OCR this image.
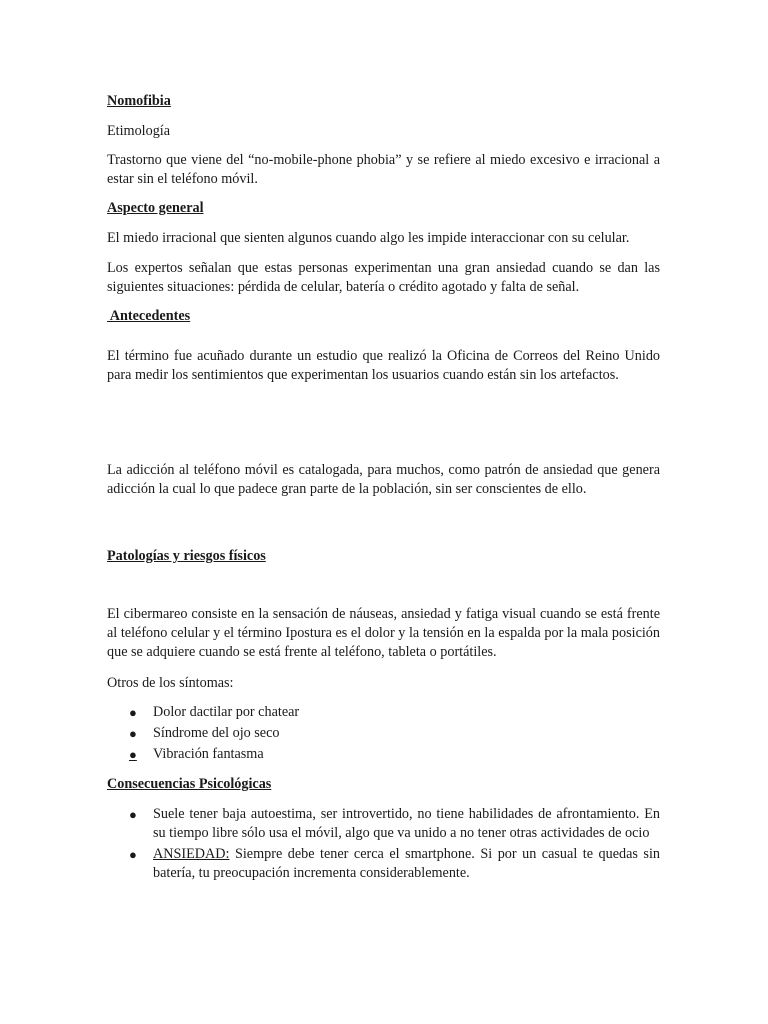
Nomofibia

Etimología

Trastorno que viene del “no-mobile-phone phobia” y se refiere al miedo excesivo e irracional a estar sin el teléfono móvil.

Aspecto general

El miedo irracional que sienten algunos cuando algo les impide interaccionar con su celular.

Los expertos señalan que estas personas experimentan una gran ansiedad cuando se dan las siguientes situaciones: pérdida de celular, batería o crédito agotado y falta de señal.

Antecedentes

El término fue acuñado durante un estudio que realizó la Oficina de Correos del Reino Unido para medir los sentimientos que experimentan los usuarios cuando están sin los artefactos.

La adicción al teléfono móvil es catalogada, para muchos, como patrón de ansiedad que genera adicción la cual lo que padece gran parte de la población, sin ser conscientes de ello.

Patologías y riesgos físicos

El cibermareo consiste en la sensación de náuseas, ansiedad y fatiga visual cuando se está frente al teléfono celular y el término Ipostura es el dolor y la tensión en la espalda por la mala posición que se adquiere cuando se está frente al teléfono, tableta o portátiles.

Otros de los síntomas:

● Dolor dactilar por chatear
● Síndrome del ojo seco
●	Vibración fantasma

Consecuencias Psicológicas

● Suele tener baja autoestima, ser introvertido, no tiene habilidades de afrontamiento. En su tiempo libre sólo usa el móvil, algo que va unido a no tener otras actividades de ocio
● ANSIEDAD: Siempre debe tener cerca el smartphone. Si por un casual te quedas sin batería, tu preocupación incrementa considerablemente.
